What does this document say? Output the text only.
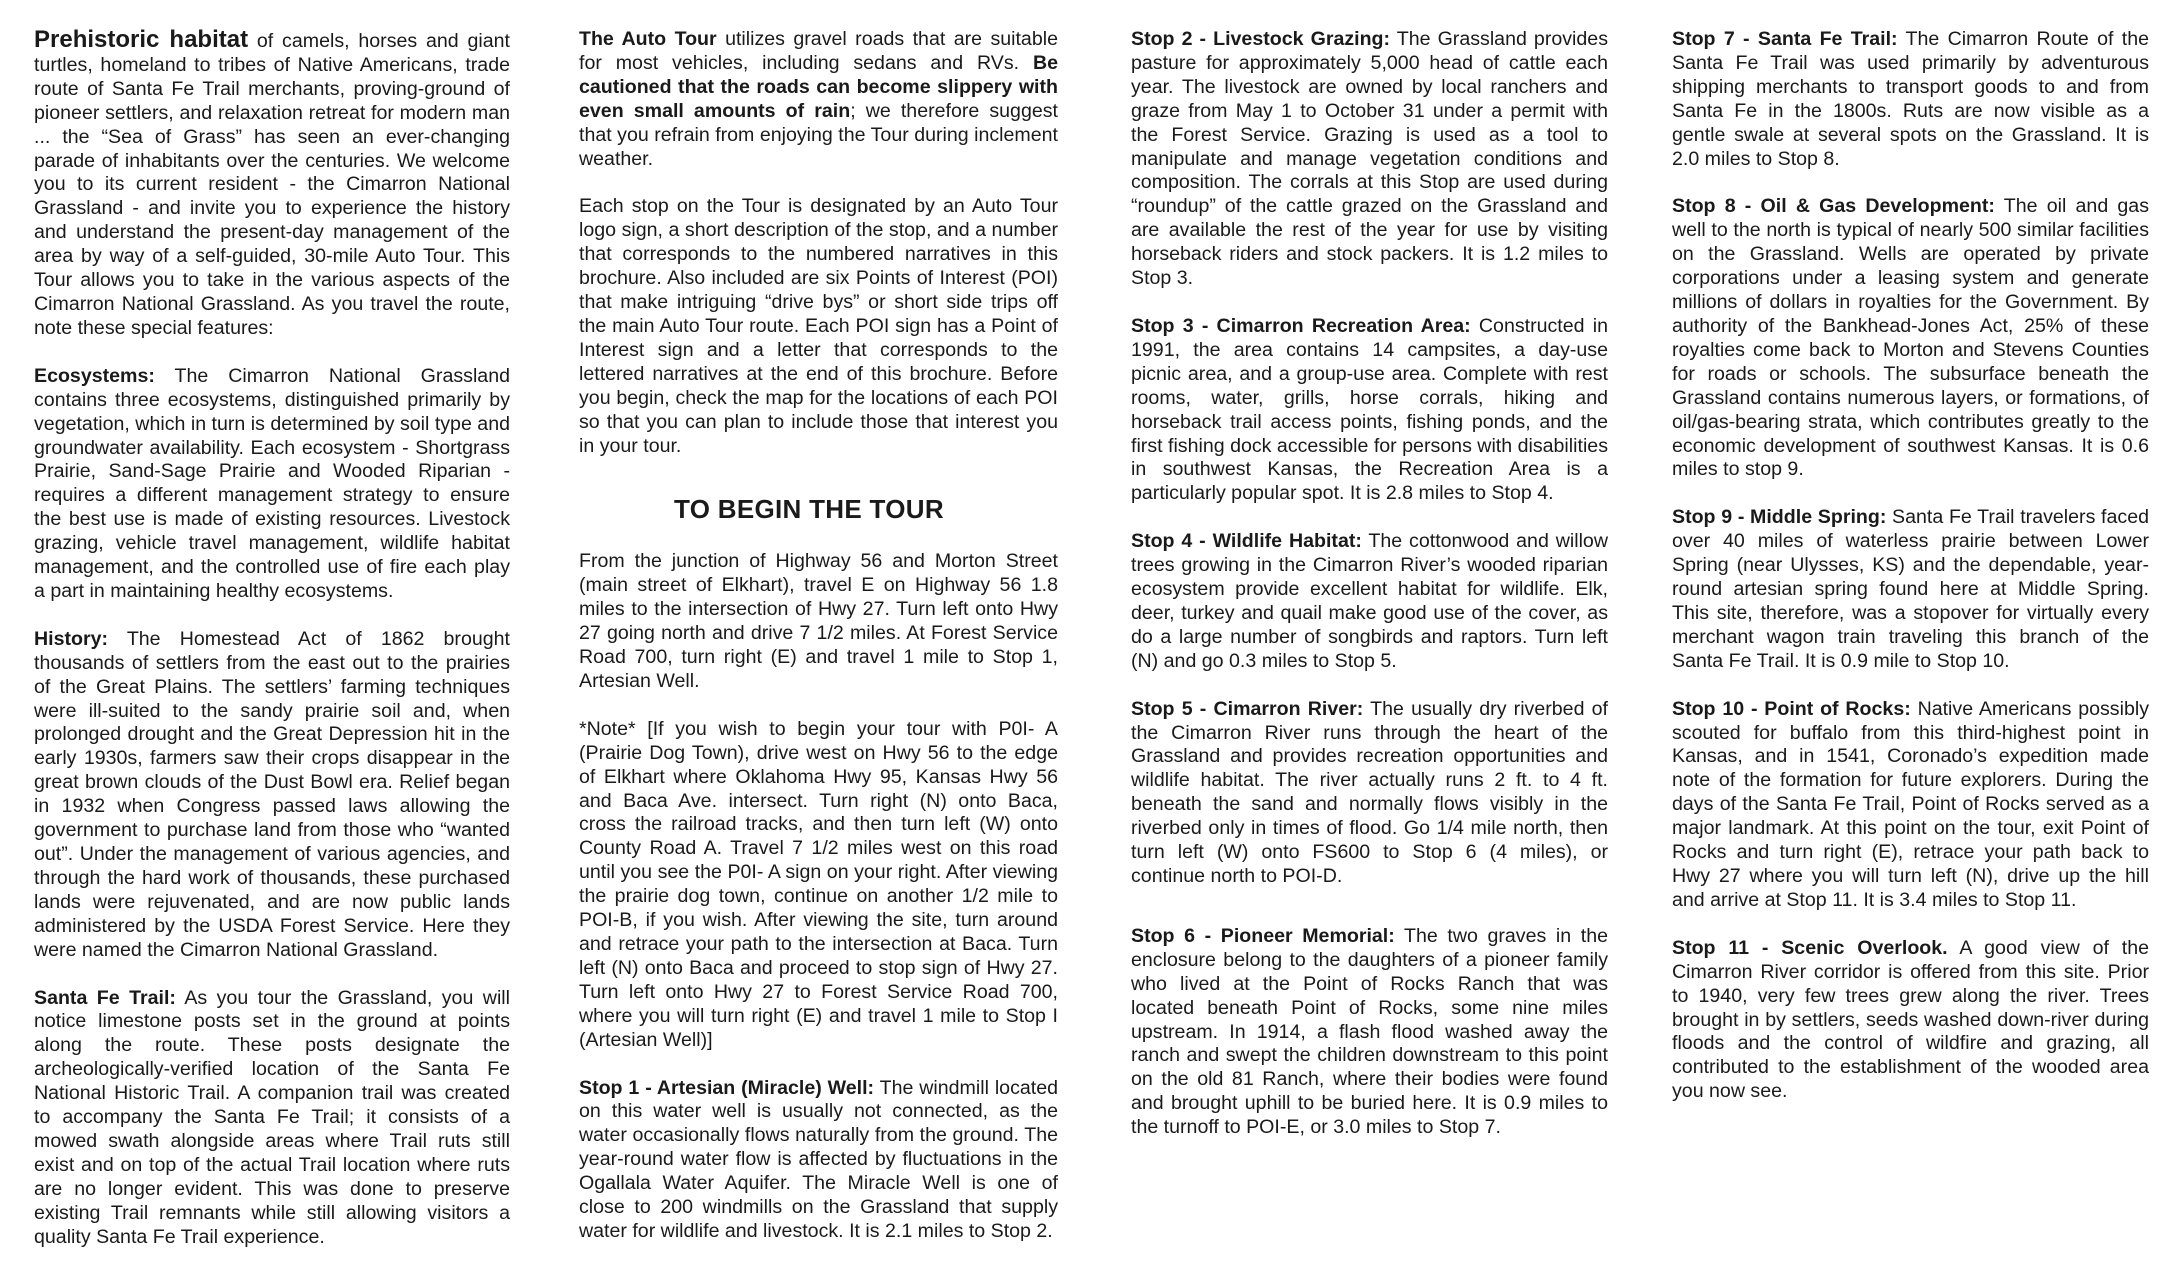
Prehistoric habitat of camels, horses and giant turtles, homeland to tribes of Native Americans, trade route of Santa Fe Trail merchants, proving-ground of pioneer settlers, and relaxation retreat for modern man ... the “Sea of Grass” has seen an ever-changing parade of inhabitants over the centuries. We welcome you to its current resident - the Cimarron National Grassland - and invite you to experience the history and understand the present-day management of the area by way of a self-guided, 30-mile Auto Tour. This Tour allows you to take in the various aspects of the Cimarron National Grassland. As you travel the route, note these special features:

Ecosystems: The Cimarron National Grassland contains three ecosystems, distinguished primarily by vegetation, which in turn is determined by soil type and groundwater availability. Each ecosystem - Shortgrass Prairie, Sand-Sage Prairie and Wooded Riparian - requires a different management strategy to ensure the best use is made of existing resources. Livestock grazing, vehicle travel management, wildlife habitat management, and the controlled use of fire each play a part in maintaining healthy ecosystems.

History: The Homestead Act of 1862 brought thousands of settlers from the east out to the prairies of the Great Plains. The settlers’ farming techniques were ill-suited to the sandy prairie soil and, when prolonged drought and the Great Depression hit in the early 1930s, farmers saw their crops disappear in the great brown clouds of the Dust Bowl era. Relief began in 1932 when Congress passed laws allowing the government to purchase land from those who “wanted out”. Under the management of various agencies, and through the hard work of thousands, these purchased lands were rejuvenated, and are now public lands administered by the USDA Forest Service. Here they were named the Cimarron National Grassland.

Santa Fe Trail: As you tour the Grassland, you will notice limestone posts set in the ground at points along the route. These posts designate the archeologically-verified location of the Santa Fe National Historic Trail. A companion trail was created to accompany the Santa Fe Trail; it consists of a mowed swath alongside areas where Trail ruts still exist and on top of the actual Trail location where ruts are no longer evident. This was done to preserve existing Trail remnants while still allowing visitors a quality Santa Fe Trail experience.

The Auto Tour utilizes gravel roads that are suitable for most vehicles, including sedans and RVs. Be cautioned that the roads can become slippery with even small amounts of rain; we therefore suggest that you refrain from enjoying the Tour during inclement weather.

Each stop on the Tour is designated by an Auto Tour logo sign, a short description of the stop, and a number that corresponds to the numbered narratives in this brochure. Also included are six Points of Interest (POI) that make intriguing “drive bys” or short side trips off the main Auto Tour route. Each POI sign has a Point of Interest sign and a letter that corresponds to the lettered narratives at the end of this brochure. Before you begin, check the map for the locations of each POI so that you can plan to include those that interest you in your tour.

TO BEGIN THE TOUR

From the junction of Highway 56 and Morton Street (main street of Elkhart), travel E on Highway 56 1.8 miles to the intersection of Hwy 27. Turn left onto Hwy 27 going north and drive 7 1/2 miles. At Forest Service Road 700, turn right (E) and travel 1 mile to Stop 1, Artesian Well.

*Note* [If you wish to begin your tour with P0I- A (Prairie Dog Town), drive west on Hwy 56 to the edge of Elkhart where Oklahoma Hwy 95, Kansas Hwy 56 and Baca Ave. intersect. Turn right (N) onto Baca, cross the railroad tracks, and then turn left (W) onto County Road A. Travel 7 1/2 miles west on this road until you see the P0I- A sign on your right. After viewing the prairie dog town, continue on another 1/2 mile to POI-B, if you wish. After viewing the site, turn around and retrace your path to the intersection at Baca. Turn left (N) onto Baca and proceed to stop sign of Hwy 27. Turn left onto Hwy 27 to Forest Service Road 700, where you will turn right (E) and travel 1 mile to Stop I (Artesian Well)]

Stop 1 - Artesian (Miracle) Well: The windmill located on this water well is usually not connected, as the water occasionally flows naturally from the ground. The year-round water flow is affected by fluctuations in the Ogallala Water Aquifer. The Miracle Well is one of close to 200 windmills on the Grassland that supply water for wildlife and livestock. It is 2.1 miles to Stop 2.

Stop 2 - Livestock Grazing: The Grassland provides pasture for approximately 5,000 head of cattle each year. The livestock are owned by local ranchers and graze from May 1 to October 31 under a permit with the Forest Service. Grazing is used as a tool to manipulate and manage vegetation conditions and composition. The corrals at this Stop are used during “roundup” of the cattle grazed on the Grassland and are available the rest of the year for use by visiting horseback riders and stock packers. It is 1.2 miles to Stop 3.

Stop 3 - Cimarron Recreation Area: Constructed in 1991, the area contains 14 campsites, a day-use picnic area, and a group-use area. Complete with rest rooms, water, grills, horse corrals, hiking and horseback trail access points, fishing ponds, and the first fishing dock accessible for persons with disabilities in southwest Kansas, the Recreation Area is a particularly popular spot. It is 2.8 miles to Stop 4.

Stop 4 - Wildlife Habitat: The cottonwood and willow trees growing in the Cimarron River’s wooded riparian ecosystem provide excellent habitat for wildlife. Elk, deer, turkey and quail make good use of the cover, as do a large number of songbirds and raptors. Turn left (N) and go 0.3 miles to Stop 5.

Stop 5 - Cimarron River: The usually dry riverbed of the Cimarron River runs through the heart of the Grassland and provides recreation opportunities and wildlife habitat. The river actually runs 2 ft. to 4 ft. beneath the sand and normally flows visibly in the riverbed only in times of flood. Go 1/4 mile north, then turn left (W) onto FS600 to Stop 6 (4 miles), or continue north to POI-D.

Stop 6 - Pioneer Memorial: The two graves in the enclosure belong to the daughters of a pioneer family who lived at the Point of Rocks Ranch that was located beneath Point of Rocks, some nine miles upstream. In 1914, a flash flood washed away the ranch and swept the children downstream to this point on the old 81 Ranch, where their bodies were found and brought uphill to be buried here. It is 0.9 miles to the turnoff to POI-E, or 3.0 miles to Stop 7.

Stop 7 - Santa Fe Trail: The Cimarron Route of the Santa Fe Trail was used primarily by adventurous shipping merchants to transport goods to and from Santa Fe in the 1800s. Ruts are now visible as a gentle swale at several spots on the Grassland. It is 2.0 miles to Stop 8.

Stop 8 - Oil & Gas Development: The oil and gas well to the north is typical of nearly 500 similar facilities on the Grassland. Wells are operated by private corporations under a leasing system and generate millions of dollars in royalties for the Government. By authority of the Bankhead-Jones Act, 25% of these royalties come back to Morton and Stevens Counties for roads or schools. The subsurface beneath the Grassland contains numerous layers, or formations, of oil/gas-bearing strata, which contributes greatly to the economic development of southwest Kansas. It is 0.6 miles to stop 9.

Stop 9 - Middle Spring: Santa Fe Trail travelers faced over 40 miles of waterless prairie between Lower Spring (near Ulysses, KS) and the dependable, year-round artesian spring found here at Middle Spring. This site, therefore, was a stopover for virtually every merchant wagon train traveling this branch of the Santa Fe Trail. It is 0.9 mile to Stop 10.

Stop 10 - Point of Rocks: Native Americans possibly scouted for buffalo from this third-highest point in Kansas, and in 1541, Coronado’s expedition made note of the formation for future explorers. During the days of the Santa Fe Trail, Point of Rocks served as a major landmark. At this point on the tour, exit Point of Rocks and turn right (E), retrace your path back to Hwy 27 where you will turn left (N), drive up the hill and arrive at Stop 11. It is 3.4 miles to Stop 11.

Stop 11 - Scenic Overlook. A good view of the Cimarron River corridor is offered from this site. Prior to 1940, very few trees grew along the river. Trees brought in by settlers, seeds washed down-river during floods and the control of wildfire and grazing, all contributed to the establishment of the wooded area you now see.
